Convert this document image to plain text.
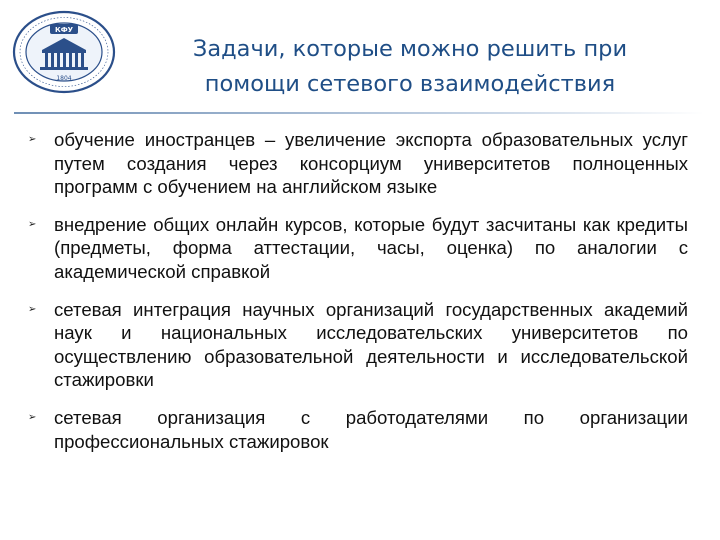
КФУ
1804
Задачи, которые можно решить при
помощи сетевого взаимодействия
➢ обучение иностранцев – увеличение экспорта образовательных услуг путем создания через консорциум университетов полноценных программ с обучением на английском языке
➢ внедрение общих онлайн курсов, которые будут засчитаны как кредиты (предметы, форма аттестации, часы, оценка) по аналогии с академической справкой
➢ сетевая интеграция научных организаций государственных академий наук и национальных исследовательских университетов по осуществлению образовательной деятельности и исследовательской стажировки
➢ сетевая организация с работодателями по организации профессиональных стажировок
